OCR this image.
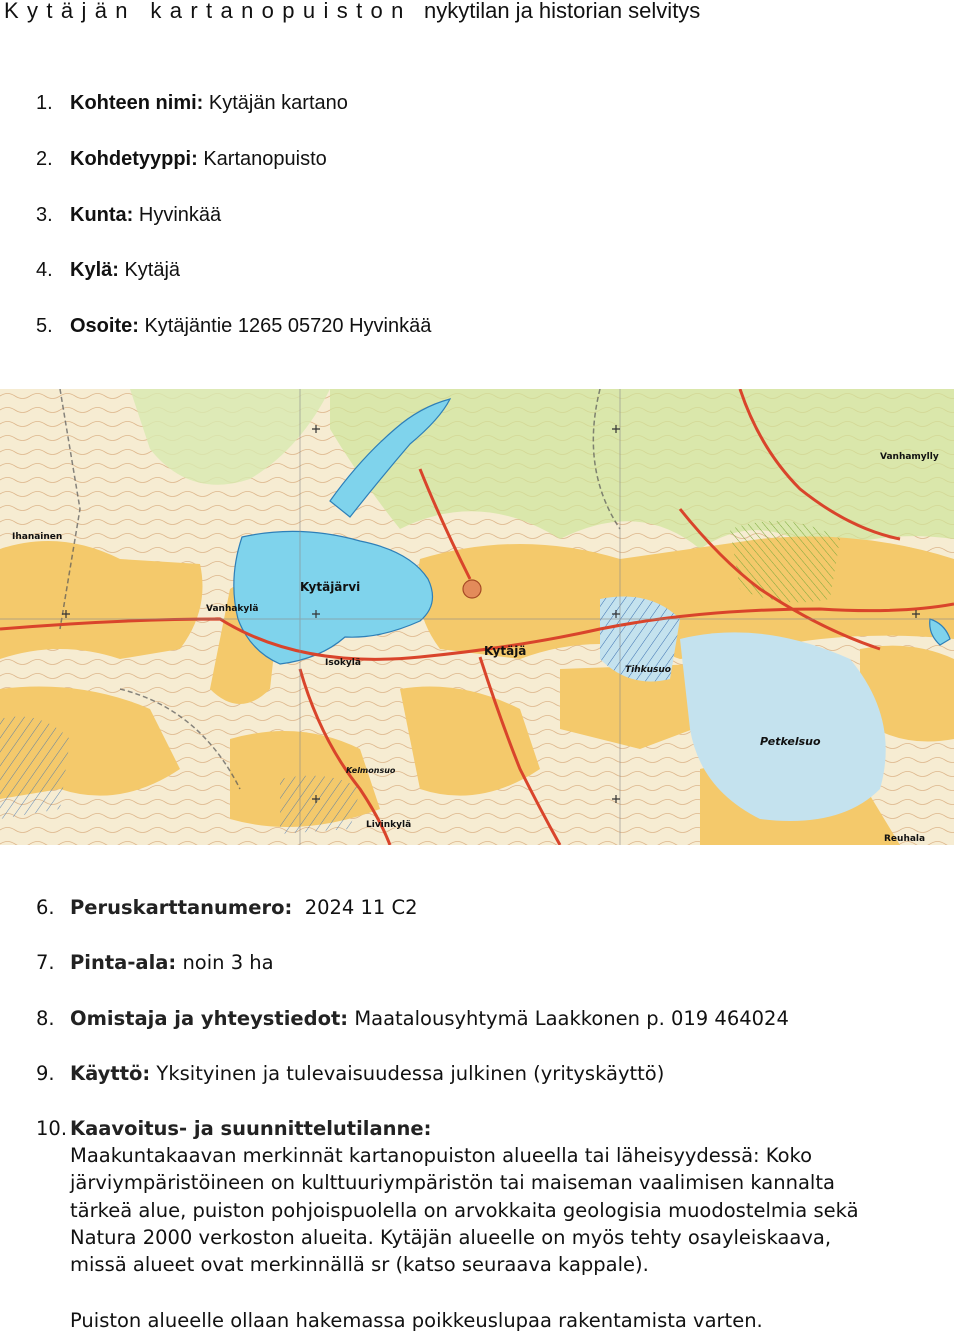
Kytäjän kartanopuiston nykytilan ja historian selvitys
1. Kohteen nimi: Kytäjän kartano
2. Kohdetyyppi: Kartanopuisto
3. Kunta: Hyvinkää
4. Kylä: Kytäjä
5. Osoite: Kytäjäntie 1265 05720 Hyvinkää
Kytäjärvi
Kytäjä
Vanhakylä
Ihanainen
Isokylä
Petkelsuo
Tihkusuo
Kelmonsuo
Livinkylä
Vanhamylly
Reuhala
6. Peruskarttanumero: 2024 11 C2
7. Pinta-ala: noin 3 ha
8. Omistaja ja yhteystiedot: Maatalousyhtymä Laakkonen p. 019 464024
9. Käyttö: Yksityinen ja tulevaisuudessa julkinen (yrityskäyttö)
10. Kaavoitus- ja suunnittelutilanne:
Maakuntakaavan merkinnät kartanopuiston alueella tai läheisyydessä: Koko
järviympäristöineen on kulttuuriympäristön tai maiseman vaalimisen kannalta
tärkeä alue, puiston pohjoispuolella on arvokkaita geologisia muodostelmia sekä
Natura 2000 verkoston alueita. Kytäjän alueelle on myös tehty osayleiskaava,
missä alueet ovat merkinnällä sr (katso seuraava kappale).
Puiston alueelle ollaan hakemassa poikkeuslupaa rakentamista varten.
